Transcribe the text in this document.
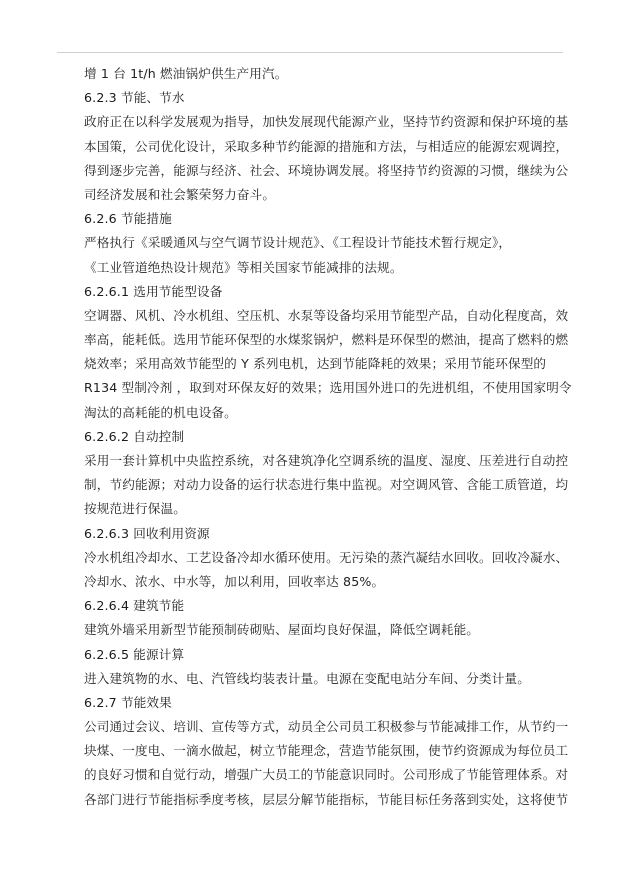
增 1 台 1t/h 燃油锅炉供生产用汽。
6.2.3 节能、节水
政府正在以科学发展观为指导，加快发展现代能源产业，坚持节约资源和保护环境的基
本国策，公司优化设计，采取多种节约能源的措施和方法，与相适应的能源宏观调控，
得到逐步完善，能源与经济、社会、环境协调发展。将坚持节约资源的习惯，继续为公
司经济发展和社会繁荣努力奋斗。
6.2.6 节能措施
严格执行《采暖通风与空气调节设计规范》、《工程设计节能技术暂行规定》，
《工业管道绝热设计规范》等相关国家节能减排的法规。
6.2.6.1 选用节能型设备
空调器、风机、冷水机组、空压机、水泵等设备均采用节能型产品，自动化程度高，效
率高，能耗低。选用节能环保型的水煤浆锅炉，燃料是环保型的燃油，提高了燃料的燃
烧效率；采用高效节能型的 Y 系列电机，达到节能降耗的效果；采用节能环保型的
R134 型制冷剂 ，取到对环保友好的效果；选用国外进口的先进机组，不使用国家明令
淘汰的高耗能的机电设备。
6.2.6.2 自动控制
采用一套计算机中央监控系统，对各建筑净化空调系统的温度、湿度、压差进行自动控
制，节约能源；对动力设备的运行状态进行集中监视。对空调风管、含能工质管道，均
按规范进行保温。
6.2.6.3 回收利用资源
冷水机组冷却水、工艺设备冷却水循环使用。无污染的蒸汽凝结水回收。回收冷凝水、
冷却水、浓水、中水等，加以利用，回收率达 85%。
6.2.6.4 建筑节能
建筑外墙采用新型节能预制砖砌贴、屋面均良好保温，降低空调耗能。
6.2.6.5 能源计算
进入建筑物的水、电、汽管线均装表计量。电源在变配电站分车间、分类计量。
6.2.7 节能效果
公司通过会议、培训、宣传等方式，动员全公司员工积极参与节能减排工作，从节约一
块煤、一度电、一滴水做起，树立节能理念，营造节能氛围，使节约资源成为每位员工
的良好习惯和自觉行动，增强广大员工的节能意识同时。公司形成了节能管理体系。对
各部门进行节能指标季度考核，层层分解节能指标，节能目标任务落到实处，这将使节
